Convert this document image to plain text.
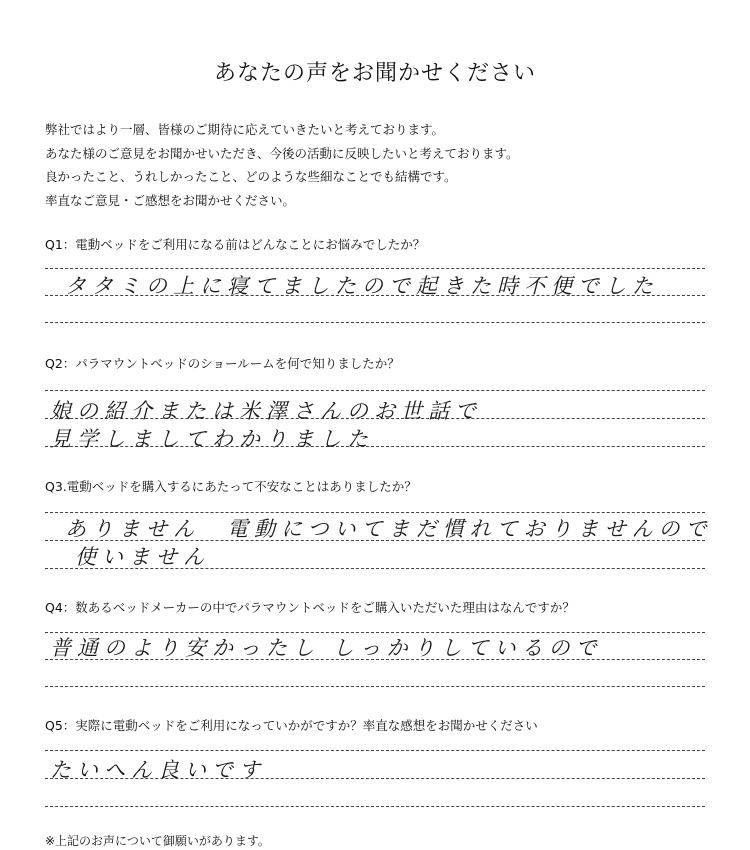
あなたの声をお聞かせください
弊社ではより一層、皆様のご期待に応えていきたいと考えております。
あなた様のご意見をお聞かせいただき、今後の活動に反映したいと考えております。
良かったこと、うれしかったこと、どのような些細なことでも結構です。
率直なご意見・ご感想をお聞かせください。
Q1：電動ベッドをご利用になる前はどんなことにお悩みでしたか？
タタミの上に寝てましたので起きた時不便でした
Q2：パラマウントベッドのショールームを何で知りましたか？
娘の紹介または米澤さんのお世話で
見学しましてわかりました
Q3.電動ベッドを購入するにあたって不安なことはありましたか？
ありません　電動についてまだ慣れておりませんので
使いません
Q4：数あるベッドメーカーの中でパラマウントベッドをご購入いただいた理由はなんですか？
普通のより安かったし しっかりしているので
Q5：実際に電動ベッドをご利用になっていかがですか？率直な感想をお聞かせください
たいへん良いです
※上記のお声について御願いがあります。
